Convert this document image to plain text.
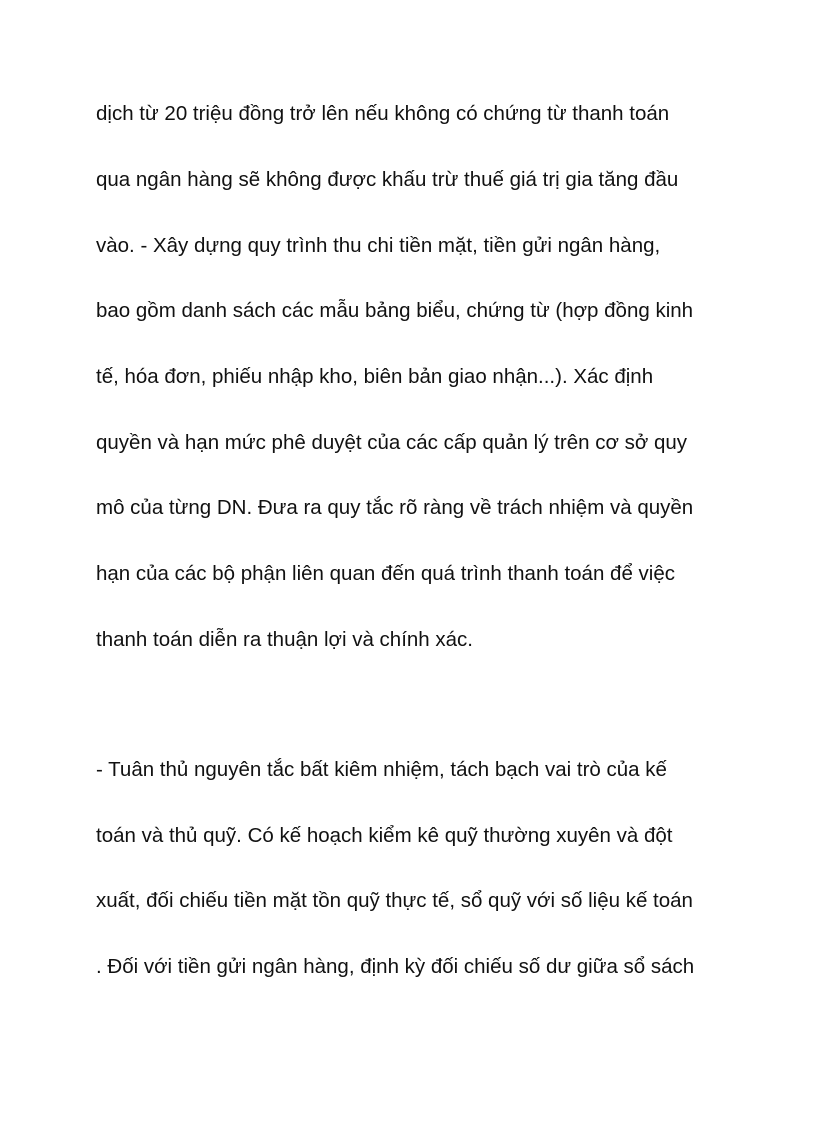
dịch từ 20 triệu đồng trở lên nếu không có chứng từ thanh toán
qua ngân hàng sẽ không được khấu trừ thuế giá trị gia tăng đầu
vào. - Xây dựng quy trình thu chi tiền mặt, tiền gửi ngân hàng,
bao gồm danh sách các mẫu bảng biểu, chứng từ (hợp đồng kinh
tế, hóa đơn, phiếu nhập kho, biên bản giao nhận...). Xác định
quyền và hạn mức phê duyệt của các cấp quản lý trên cơ sở quy
mô của từng DN. Đưa ra quy tắc rõ ràng về trách nhiệm và quyền
hạn của các bộ phận liên quan đến quá trình thanh toán để việc
thanh toán diễn ra thuận lợi và chính xác.
- Tuân thủ nguyên tắc bất kiêm nhiệm, tách bạch vai trò của kế
toán và thủ quỹ. Có kế hoạch kiểm kê quỹ thường xuyên và đột
xuất, đối chiếu tiền mặt tồn quỹ thực tế, sổ quỹ với số liệu kế toán
. Đối với tiền gửi ngân hàng, định kỳ đối chiếu số dư giữa sổ sách
